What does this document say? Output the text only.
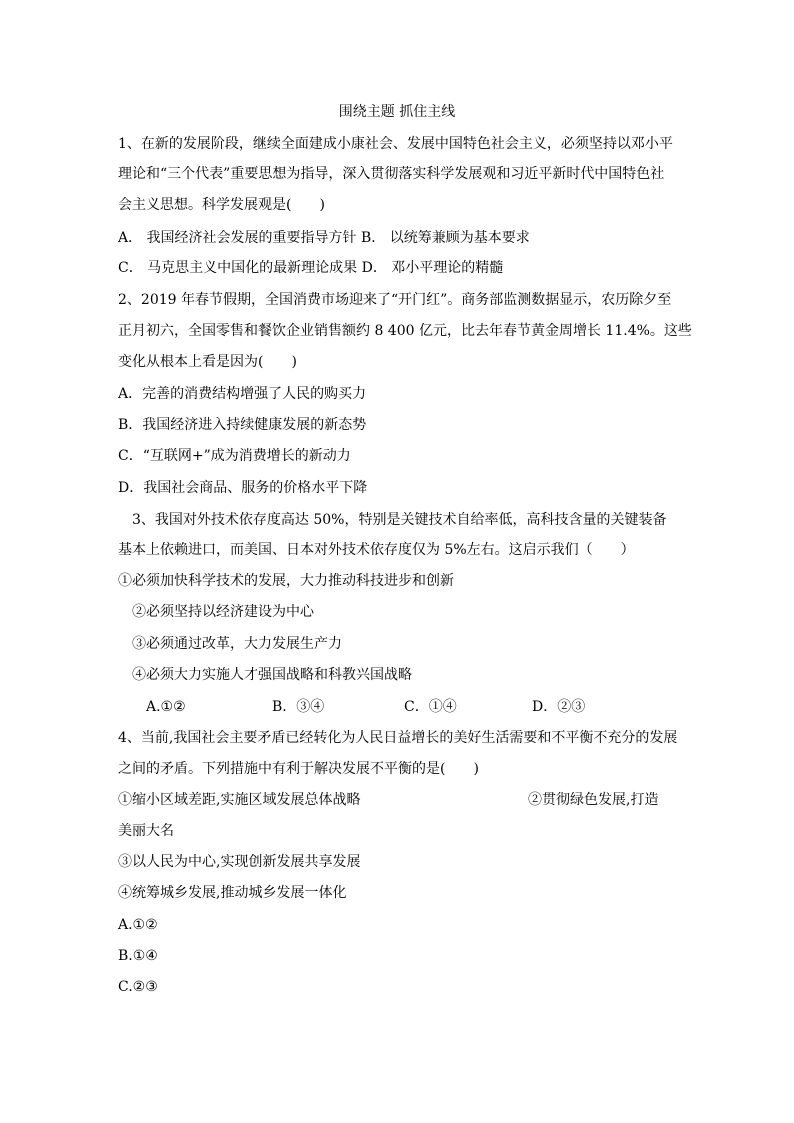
围绕主题 抓住主线
1、在新的发展阶段，继续全面建成小康社会、发展中国特色社会主义，必须坚持以邓小平
理论和“三个代表”重要思想为指导，深入贯彻落实科学发展观和习近平新时代中国特色社
会主义思想。科学发展观是(　　)
A． 我国经济社会发展的重要指导方针 B． 以统筹兼顾为基本要求
C． 马克思主义中国化的最新理论成果 D． 邓小平理论的精髓
2、2019 年春节假期，全国消费市场迎来了“开门红”。商务部监测数据显示，农历除夕至
正月初六，全国零售和餐饮企业销售额约 8 400 亿元，比去年春节黄金周增长 11.4%。这些
变化从根本上看是因为(　　)
A．完善的消费结构增强了人民的购买力
B．我国经济进入持续健康发展的新态势
C．“互联网+”成为消费增长的新动力
D．我国社会商品、服务的价格水平下降
　3、我国对外技术依存度高达 50%，特别是关键技术自给率低，高科技含量的关键装备
基本上依赖进口，而美国、日本对外技术依存度仅为 5%左右。这启示我们（　　）
①必须加快科学技术的发展，大力推动科技进步和创新
　②必须坚持以经济建设为中心
　③必须通过改革，大力发展生产力
　④必须大力实施人才强国战略和科教兴国战略
A.①②	B．③④	C．①④	D．②③
4、当前,我国社会主要矛盾已经转化为人民日益增长的美好生活需要和不平衡不充分的发展
之间的矛盾。下列措施中有利于解决发展不平衡的是(　　)
①缩小区域差距,实施区域发展总体战略	②贯彻绿色发展,打造
美丽大名
③以人民为中心,实现创新发展共享发展
④统筹城乡发展,推动城乡发展一体化
A.①②
B.①④
C.②③
